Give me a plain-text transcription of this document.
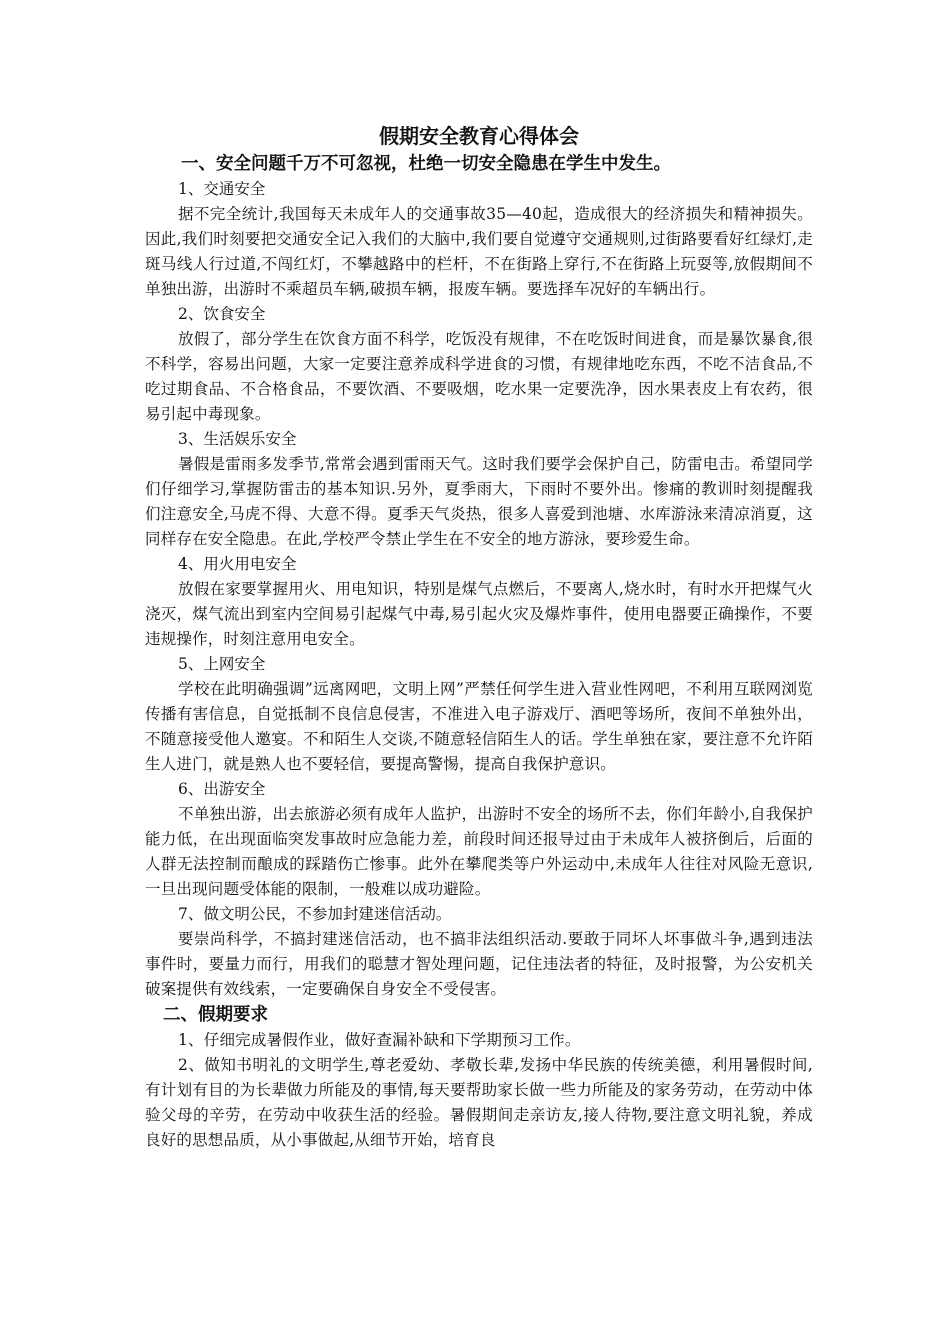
假期安全教育心得体会
一、安全问题千万不可忽视，杜绝一切安全隐患在学生中发生。

1、交通安全

据不完全统计,我国每天未成年人的交通事故35—40起，造成很大的经济损失和精神损失。因此,我们时刻要把交通安全记入我们的大脑中,我们要自觉遵守交通规则,过街路要看好红绿灯,走斑马线人行过道,不闯红灯，不攀越路中的栏杆，不在街路上穿行,不在街路上玩耍等,放假期间不单独出游，出游时不乘超员车辆,破损车辆，报废车辆。要选择车况好的车辆出行。

2、饮食安全

放假了，部分学生在饮食方面不科学，吃饭没有规律，不在吃饭时间进食，而是暴饮暴食,很不科学，容易出问题，大家一定要注意养成科学进食的习惯，有规律地吃东西，不吃不洁食品,不吃过期食品、不合格食品，不要饮酒、不要吸烟，吃水果一定要洗净，因水果表皮上有农药，很易引起中毒现象。

3、生活娱乐安全

暑假是雷雨多发季节,常常会遇到雷雨天气。这时我们要学会保护自己，防雷电击。希望同学们仔细学习,掌握防雷击的基本知识.另外，夏季雨大，下雨时不要外出。惨痛的教训时刻提醒我们注意安全,马虎不得、大意不得。夏季天气炎热，很多人喜爱到池塘、水库游泳来清凉消夏，这同样存在安全隐患。在此,学校严令禁止学生在不安全的地方游泳，要珍爱生命。

4、用火用电安全

放假在家要掌握用火、用电知识，特别是煤气点燃后，不要离人,烧水时，有时水开把煤气火浇灭，煤气流出到室内空间易引起煤气中毒,易引起火灾及爆炸事件，使用电器要正确操作，不要违规操作，时刻注意用电安全。

5、上网安全

学校在此明确强调”远离网吧，文明上网”严禁任何学生进入营业性网吧，不利用互联网浏览传播有害信息，自觉抵制不良信息侵害，不准进入电子游戏厅、酒吧等场所，夜间不单独外出，不随意接受他人邀宴。不和陌生人交谈,不随意轻信陌生人的话。学生单独在家，要注意不允许陌生人进门，就是熟人也不要轻信，要提高警惕，提高自我保护意识。

6、出游安全

不单独出游，出去旅游必须有成年人监护，出游时不安全的场所不去，你们年龄小,自我保护能力低，在出现面临突发事故时应急能力差，前段时间还报导过由于未成年人被挤倒后，后面的人群无法控制而酿成的踩踏伤亡惨事。此外在攀爬类等户外运动中,未成年人往往对风险无意识,一旦出现问题受体能的限制，一般难以成功避险。

7、做文明公民，不参加封建迷信活动。

要崇尚科学，不搞封建迷信活动，也不搞非法组织活动.要敢于同坏人坏事做斗争,遇到违法事件时，要量力而行，用我们的聪慧才智处理问题，记住违法者的特征，及时报警，为公安机关破案提供有效线索，一定要确保自身安全不受侵害。

二、假期要求

1、仔细完成暑假作业，做好查漏补缺和下学期预习工作。

2、做知书明礼的文明学生,尊老爱幼、孝敬长辈,发扬中华民族的传统美德，利用暑假时间,有计划有目的为长辈做力所能及的事情,每天要帮助家长做一些力所能及的家务劳动，在劳动中体验父母的辛劳，在劳动中收获生活的经验。暑假期间走亲访友,接人待物,要注意文明礼貌，养成良好的思想品质，从小事做起,从细节开始，培育良
